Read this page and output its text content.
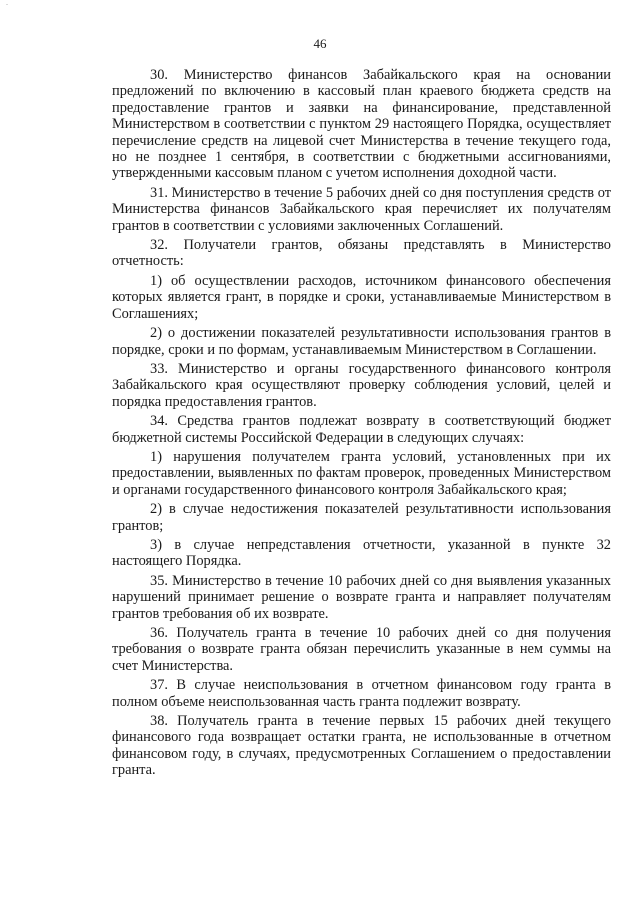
-
46

30. Министерство финансов Забайкальского края на основании предложений по включению в кассовый план краевого бюджета средств на предоставление грантов и заявки на финансирование, представленной Министерством в соответствии с пунктом 29 настоящего Порядка, осуществляет перечисление средств на лицевой счет Министерства в течение текущего года, но не позднее 1 сентября, в соответствии с бюджетными ассигнованиями, утвержденными кассовым планом с учетом исполнения доходной части.

31. Министерство в течение 5 рабочих дней со дня поступления средств от Министерства финансов Забайкальского края перечисляет их получателям грантов в соответствии с условиями заключенных Соглашений.

32. Получатели грантов, обязаны представлять в Министерство отчетность:

1) об осуществлении расходов, источником финансового обеспечения которых является грант, в порядке и сроки, устанавливаемые Министерством в Соглашениях;

2) о достижении показателей результативности использования грантов в порядке, сроки и по формам, устанавливаемым Министерством в Соглашении.

33. Министерство и органы государственного финансового контроля Забайкальского края осуществляют проверку соблюдения условий, целей и порядка предоставления грантов.

34. Средства грантов подлежат возврату в соответствующий бюджет бюджетной системы Российской Федерации в следующих случаях:

1) нарушения получателем гранта условий, установленных при их предоставлении, выявленных по фактам проверок, проведенных Министерством и органами государственного финансового контроля Забайкальского края;

2) в случае недостижения показателей результативности использования грантов;

3) в случае непредставления отчетности, указанной в пункте 32 настоящего Порядка.

35. Министерство в течение 10 рабочих дней со дня выявления указанных нарушений принимает решение о возврате гранта и направляет получателям грантов требования об их возврате.

36. Получатель гранта в течение 10 рабочих дней со дня получения требования о возврате гранта обязан перечислить указанные в нем суммы на счет Министерства.

37. В случае неиспользования в отчетном финансовом году гранта в полном объеме неиспользованная часть гранта подлежит возврату.

38. Получатель гранта в течение первых 15 рабочих дней текущего финансового года возвращает остатки гранта, не использованные в отчетном финансовом году, в случаях, предусмотренных Соглашением о предоставлении гранта.
